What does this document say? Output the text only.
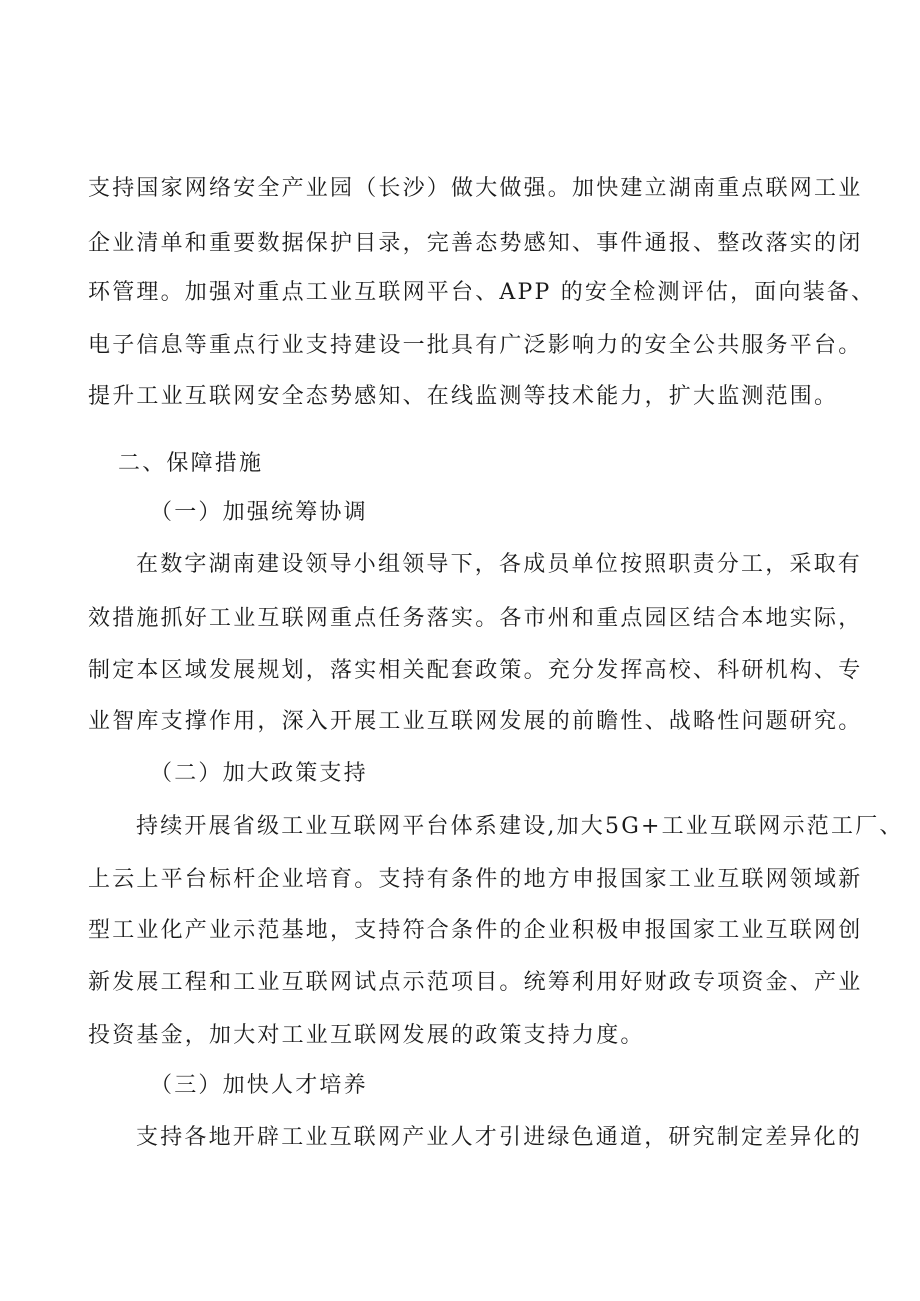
支持国家网络安全产业园（长沙）做大做强。加快建立湖南重点联网工业
企业清单和重要数据保护目录，完善态势感知、事件通报、整改落实的闭
环管理。加强对重点工业互联网平台、APP 的安全检测评估，面向装备、
电子信息等重点行业支持建设一批具有广泛影响力的安全公共服务平台。
提升工业互联网安全态势感知、在线监测等技术能力，扩大监测范围。
二、保障措施
（一）加强统筹协调
在数字湖南建设领导小组领导下，各成员单位按照职责分工，采取有
效措施抓好工业互联网重点任务落实。各市州和重点园区结合本地实际，
制定本区域发展规划，落实相关配套政策。充分发挥高校、科研机构、专
业智库支撑作用，深入开展工业互联网发展的前瞻性、战略性问题研究。
（二）加大政策支持
持续开展省级工业互联网平台体系建设,加大5G+工业互联网示范工厂、
上云上平台标杆企业培育。支持有条件的地方申报国家工业互联网领域新
型工业化产业示范基地，支持符合条件的企业积极申报国家工业互联网创
新发展工程和工业互联网试点示范项目。统筹利用好财政专项资金、产业
投资基金，加大对工业互联网发展的政策支持力度。
（三）加快人才培养
支持各地开辟工业互联网产业人才引进绿色通道，研究制定差异化的
